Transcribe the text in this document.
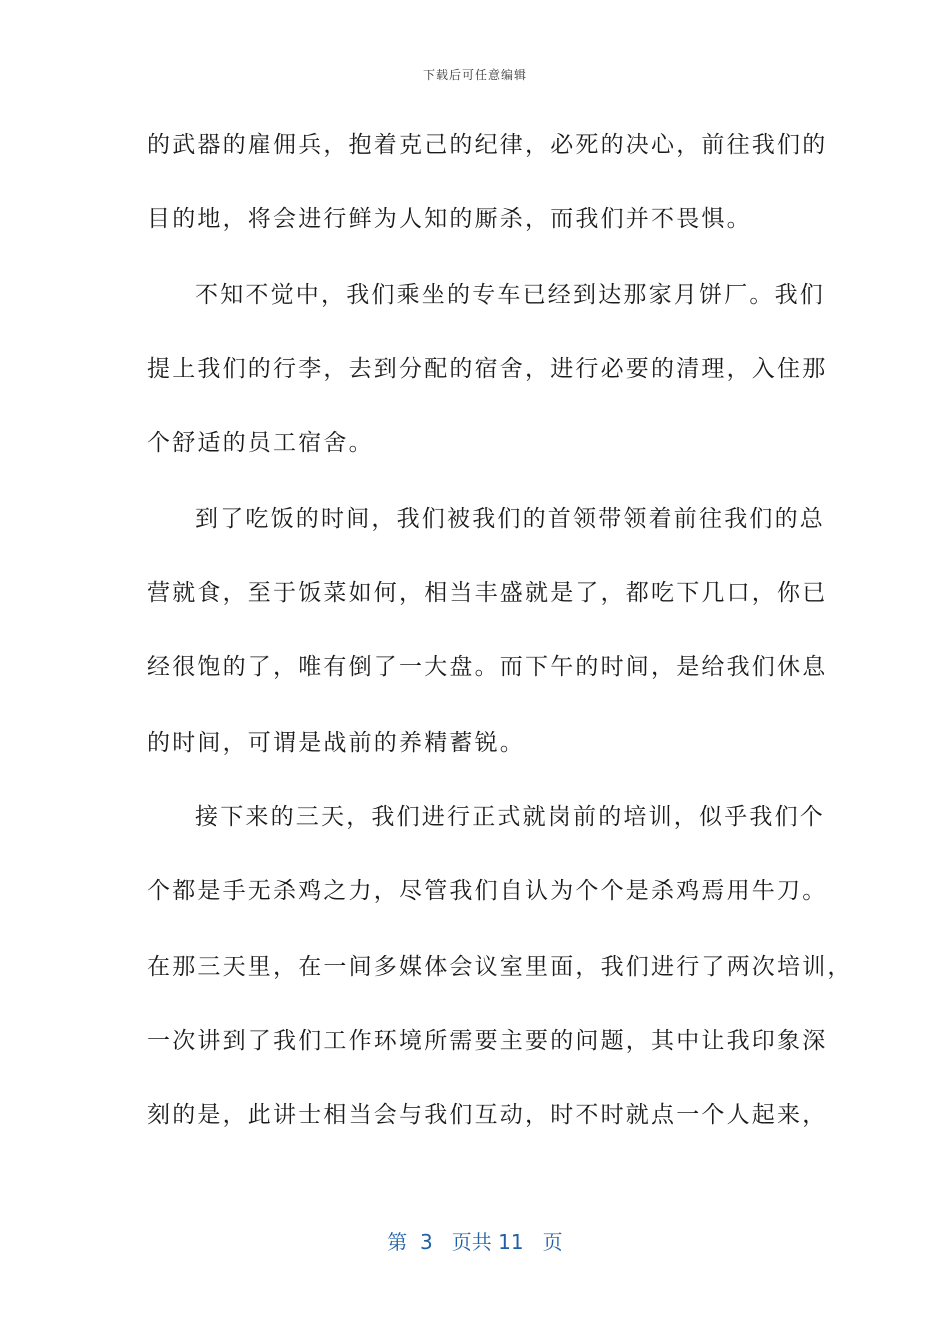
下载后可任意编辑
的武器的雇佣兵，抱着克己的纪律，必死的决心，前往我们的
目的地，将会进行鲜为人知的厮杀，而我们并不畏惧。
不知不觉中，我们乘坐的专车已经到达那家月饼厂。我们
提上我们的行李，去到分配的宿舍，进行必要的清理，入住那
个舒适的员工宿舍。
到了吃饭的时间，我们被我们的首领带领着前往我们的总
营就食，至于饭菜如何，相当丰盛就是了，都吃下几口，你已
经很饱的了，唯有倒了一大盘。而下午的时间，是给我们休息
的时间，可谓是战前的养精蓄锐。
接下来的三天，我们进行正式就岗前的培训，似乎我们个
个都是手无杀鸡之力，尽管我们自认为个个是杀鸡焉用牛刀。
在那三天里，在一间多媒体会议室里面，我们进行了两次培训，
一次讲到了我们工作环境所需要主要的问题，其中让我印象深
刻的是，此讲士相当会与我们互动，时不时就点一个人起来，
第  3   页共 11   页
